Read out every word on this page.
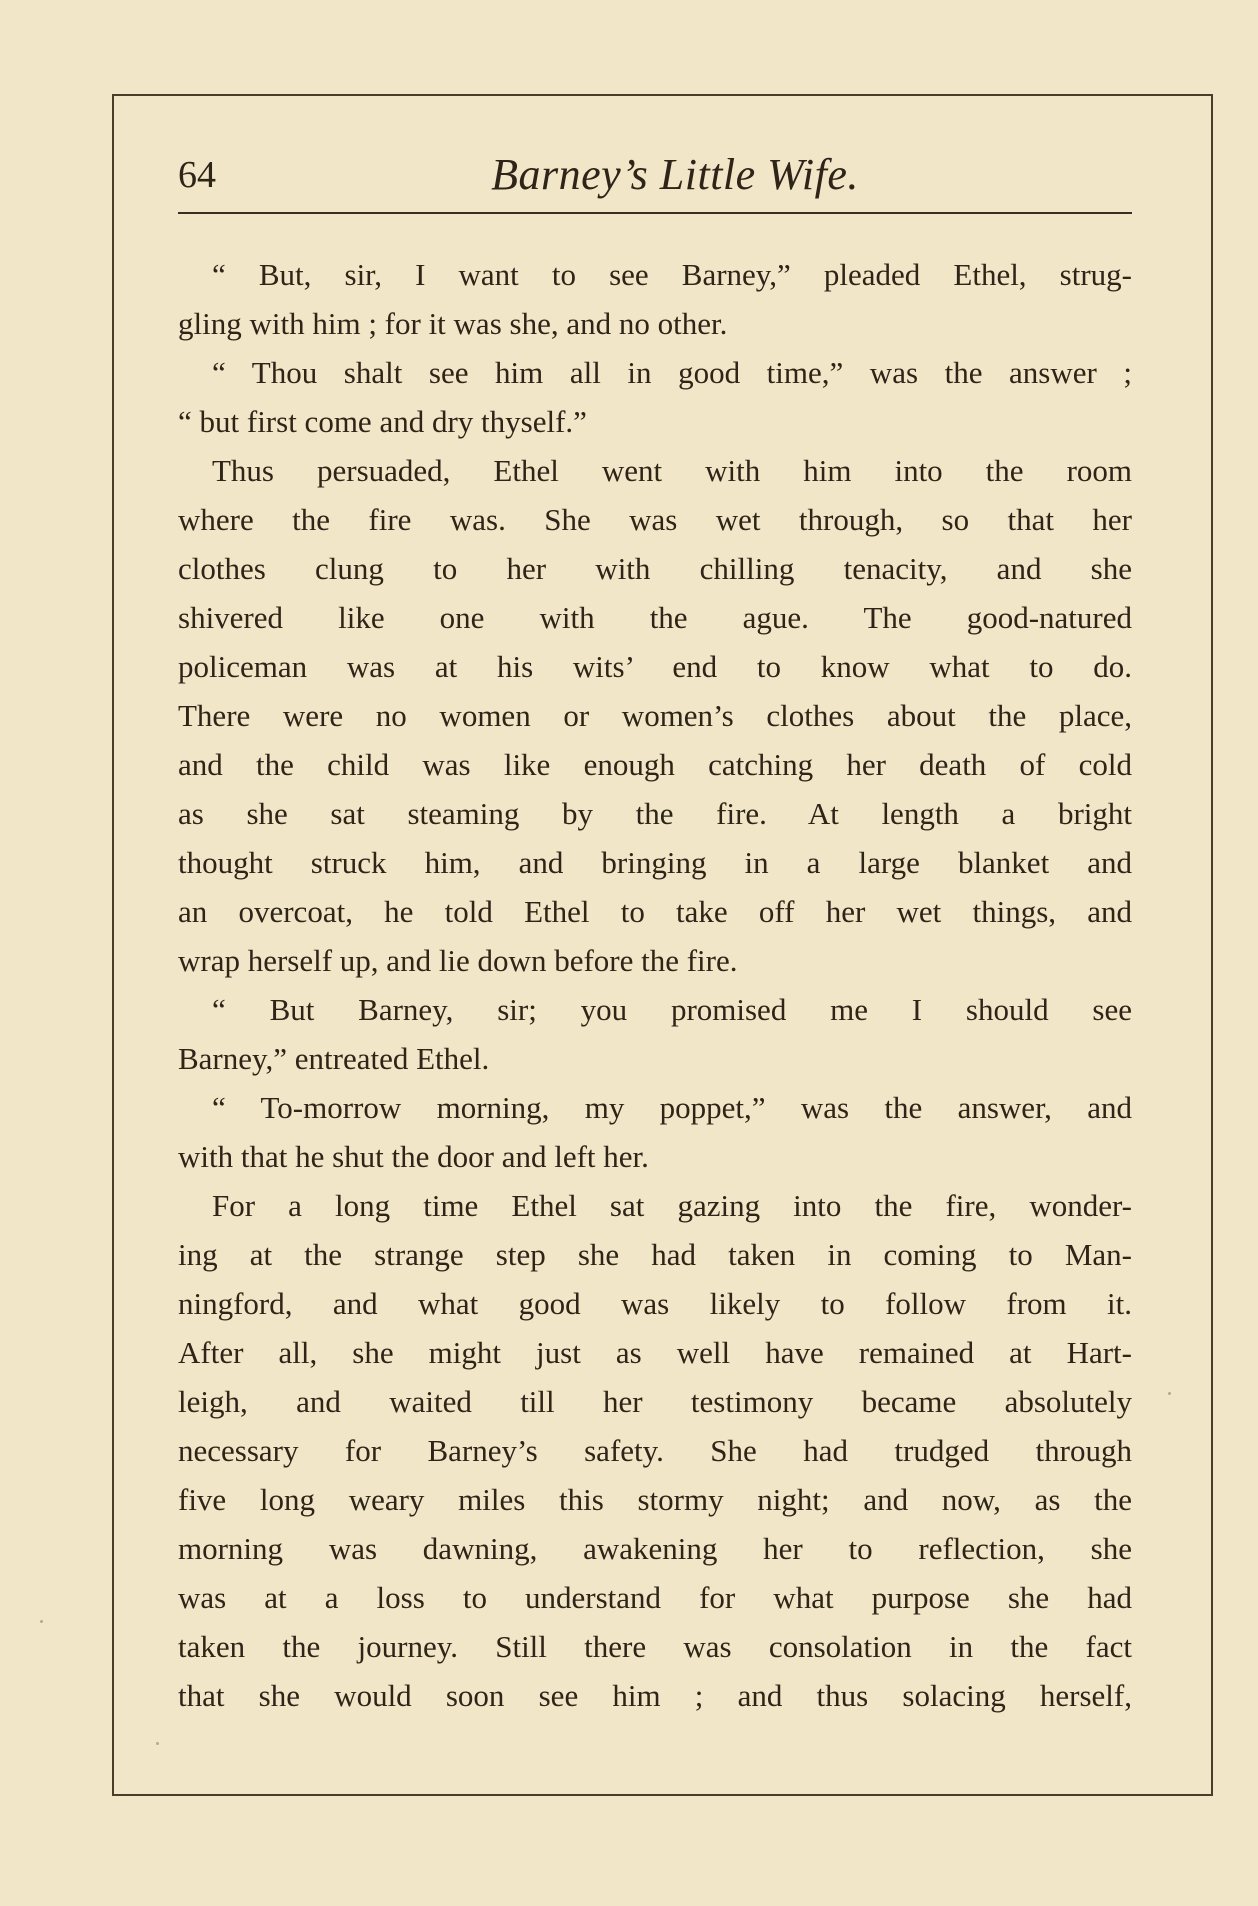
64	Barney’s Little Wife.
“ But, sir, I want to see Barney,” pleaded Ethel, strug-
gling with him ; for it was she, and no other.
“ Thou shalt see him all in good time,” was the answer ;
“ but first come and dry thyself.”
Thus persuaded, Ethel went with him into the room
where the fire was. She was wet through, so that her
clothes clung to her with chilling tenacity, and she
shivered like one with the ague. The good-natured
policeman was at his wits’ end to know what to do.
There were no women or women’s clothes about the place,
and the child was like enough catching her death of cold
as she sat steaming by the fire. At length a bright
thought struck him, and bringing in a large blanket and
an overcoat, he told Ethel to take off her wet things, and
wrap herself up, and lie down before the fire.
“ But Barney, sir; you promised me I should see
Barney,” entreated Ethel.
“ To-morrow morning, my poppet,” was the answer, and
with that he shut the door and left her.
For a long time Ethel sat gazing into the fire, wonder-
ing at the strange step she had taken in coming to Man-
ningford, and what good was likely to follow from it.
After all, she might just as well have remained at Hart-
leigh, and waited till her testimony became absolutely
necessary for Barney’s safety. She had trudged through
five long weary miles this stormy night; and now, as the
morning was dawning, awakening her to reflection, she
was at a loss to understand for what purpose she had
taken the journey. Still there was consolation in the fact
that she would soon see him ; and thus solacing herself,
